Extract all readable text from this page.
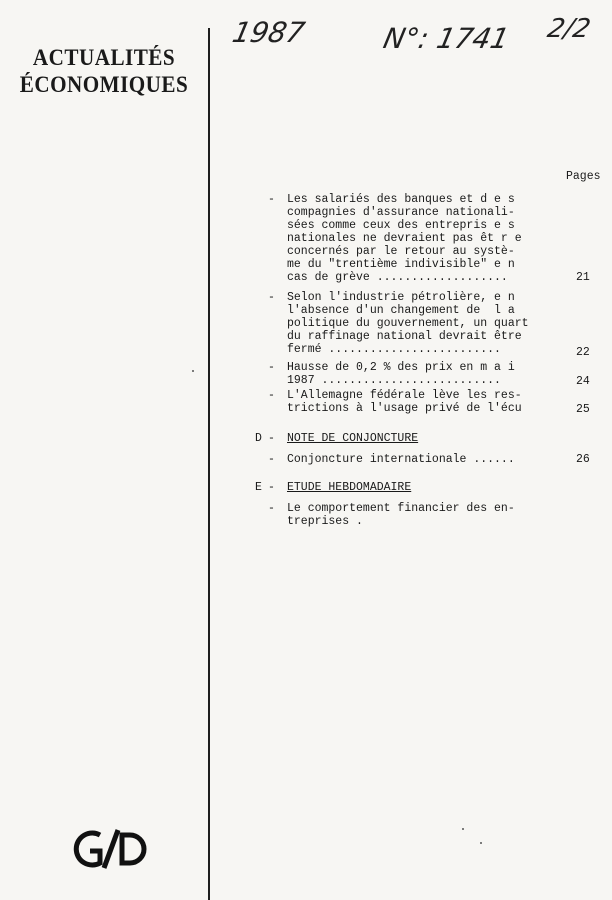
ACTUALITÉS
ÉCONOMIQUES
1987	N°: 1741 2/2
Pages
- Les salariés des banques et d e s
compagnies d'assurance nationali-
sées comme ceux des entrepris e s
nationales ne devraient pas êt r e
concernés par le retour au systè-
me du "trentième indivisible" e n
cas de grève ...................	21
- Selon l'industrie pétrolière, e n
l'absence d'un changement de  l a
politique du gouvernement, un quart
du raffinage national devrait être
fermé .........................	22
- Hausse de 0,2 % des prix en m a i
1987 ..........................	24
- L'Allemagne fédérale lève les res-
trictions à l'usage privé de l'écu	25
D - NOTE DE CONJONCTURE
- Conjoncture internationale ......	26
E - ETUDE HEBDOMADAIRE
- Le comportement financier des en-
treprises .
